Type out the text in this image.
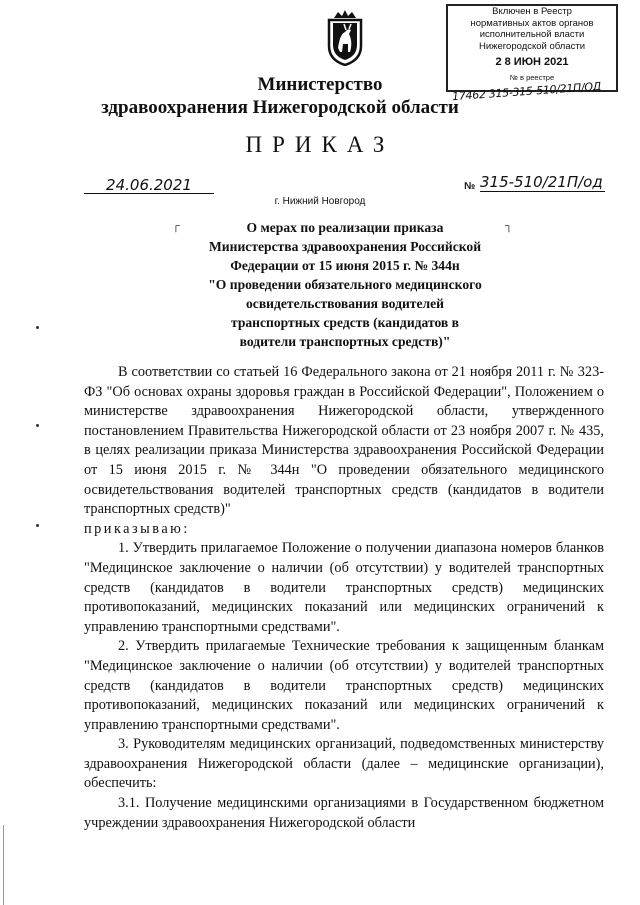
Министерство
здравоохранения Нижегородской области
Включен в Реестр
нормативных актов органов
исполнительной власти
Нижегородской области
2 8 ИЮН 2021
№ в реестре
17462 315-315-510/21П/ОД
ПРИКАЗ
24.06.2021
г. Нижний Новгород
№ 315-510/21П/од
┌	┐
О мерах по реализации приказа
Министерства здравоохранения Российской
Федерации от 15 июня 2015 г. № 344н
"О проведении обязательного медицинского
освидетельствования водителей
транспортных средств (кандидатов в
водители транспортных средств)"

В соответствии со статьей 16 Федерального закона от 21 ноября 2011 г. № 323-ФЗ "Об основах охраны здоровья граждан в Российской Федерации", Положением о министерстве здравоохранения Нижегородской области, утвержденного постановлением Правительства Нижегородской области от 23 ноября 2007 г. № 435, в целях реализации приказа Министерства здравоохранения Российской Федерации от 15 июня 2015 г. № 344н "О проведении обязательного медицинского освидетельствования водителей транспортных средств (кандидатов в водители транспортных средств)"

приказываю:

1. Утвердить прилагаемое Положение о получении диапазона номеров бланков "Медицинское заключение о наличии (об отсутствии) у водителей транспортных средств (кандидатов в водители транспортных средств) медицинских противопоказаний, медицинских показаний или медицинских ограничений к управлению транспортными средствами".

2. Утвердить прилагаемые Технические требования к защищенным бланкам "Медицинское заключение о наличии (об отсутствии) у водителей транспортных средств (кандидатов в водители транспортных средств) медицинских противопоказаний, медицинских показаний или медицинских ограничений к управлению транспортными средствами".

3. Руководителям медицинских организаций, подведомственных министерству здравоохранения Нижегородской области (далее – медицинские организации), обеспечить:

3.1. Получение медицинскими организациями в Государственном бюджетном учреждении здравоохранения Нижегородской области
